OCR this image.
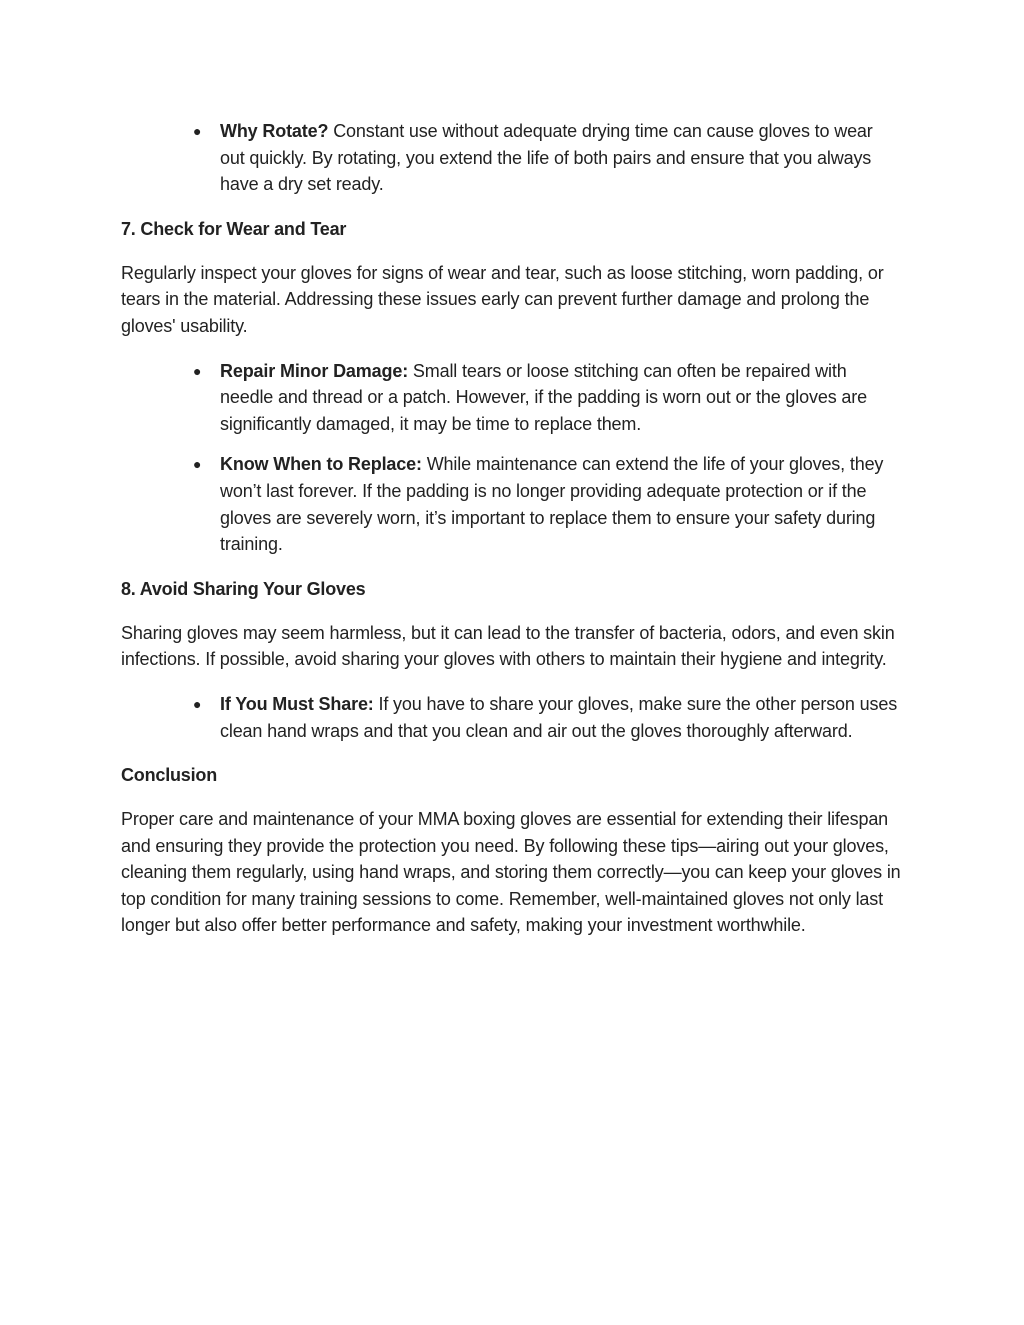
● Why Rotate? Constant use without adequate drying time can cause gloves to wear out quickly. By rotating, you extend the life of both pairs and ensure that you always have a dry set ready.
7. Check for Wear and Tear

Regularly inspect your gloves for signs of wear and tear, such as loose stitching, worn padding, or tears in the material. Addressing these issues early can prevent further damage and prolong the gloves' usability.

● Repair Minor Damage: Small tears or loose stitching can often be repaired with needle and thread or a patch. However, if the padding is worn out or the gloves are significantly damaged, it may be time to replace them.
● Know When to Replace: While maintenance can extend the life of your gloves, they won’t last forever. If the padding is no longer providing adequate protection or if the gloves are severely worn, it’s important to replace them to ensure your safety during training.
8. Avoid Sharing Your Gloves

Sharing gloves may seem harmless, but it can lead to the transfer of bacteria, odors, and even skin infections. If possible, avoid sharing your gloves with others to maintain their hygiene and integrity.

● If You Must Share: If you have to share your gloves, make sure the other person uses clean hand wraps and that you clean and air out the gloves thoroughly afterward.
Conclusion

Proper care and maintenance of your MMA boxing gloves are essential for extending their lifespan and ensuring they provide the protection you need. By following these tips—airing out your gloves, cleaning them regularly, using hand wraps, and storing them correctly—you can keep your gloves in top condition for many training sessions to come. Remember, well-maintained gloves not only last longer but also offer better performance and safety, making your investment worthwhile.
